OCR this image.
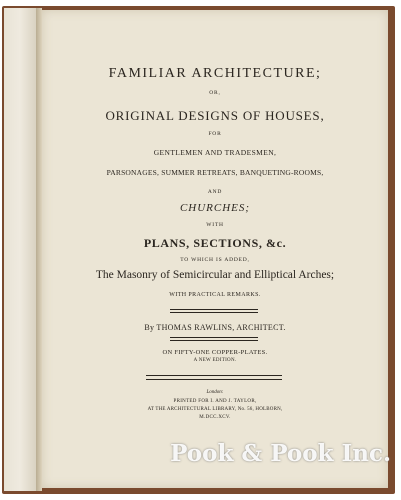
FAMILIAR ARCHITECTURE;
OR,
ORIGINAL DESIGNS OF HOUSES,
FOR
GENTLEMEN AND TRADESMEN,
PARSONAGES, SUMMER RETREATS, BANQUETING-ROOMS,
AND
CHURCHES;
WITH
PLANS, SECTIONS, &c.
TO WHICH IS ADDED,
The Masonry of Semicircular and Elliptical Arches;
WITH PRACTICAL REMARKS.
By THOMAS RAWLINS, ARCHITECT.
ON FIFTY-ONE COPPER-PLATES.
A NEW EDITION.
London:
PRINTED FOR I. AND J. TAYLOR,
AT THE ARCHITECTURAL LIBRARY, No. 56, HOLBORN,
M.DCC.XCV.
Pook & Pook Inc.
